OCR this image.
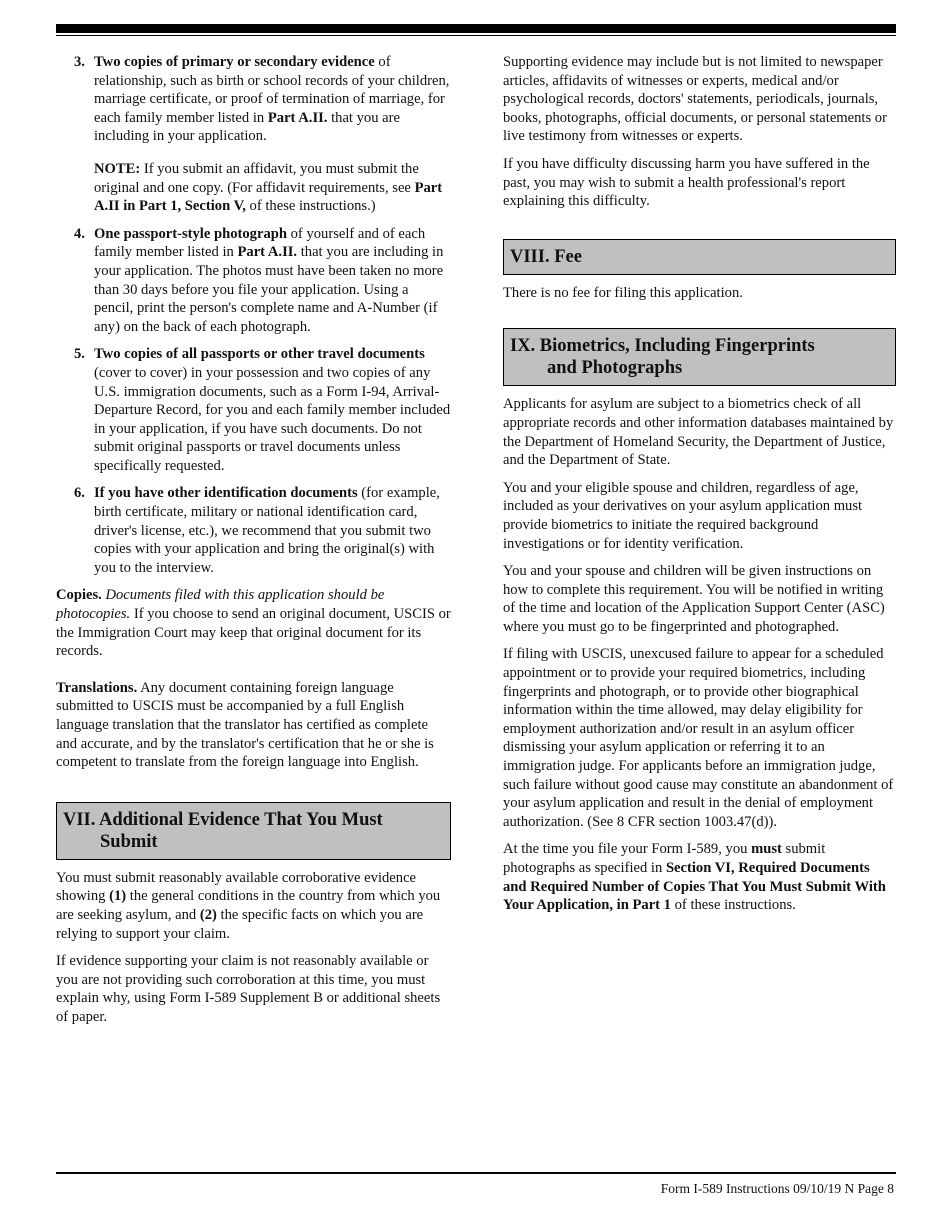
3. Two copies of primary or secondary evidence of relationship, such as birth or school records of your children, marriage certificate, or proof of termination of marriage, for each family member listed in Part A.II. that you are including in your application.
NOTE: If you submit an affidavit, you must submit the original and one copy. (For affidavit requirements, see Part A.II in Part 1, Section V, of these instructions.)
4. One passport-style photograph of yourself and of each family member listed in Part A.II. that you are including in your application. The photos must have been taken no more than 30 days before you file your application. Using a pencil, print the person's complete name and A-Number (if any) on the back of each photograph.
5. Two copies of all passports or other travel documents (cover to cover) in your possession and two copies of any U.S. immigration documents, such as a Form I-94, Arrival-Departure Record, for you and each family member included in your application, if you have such documents. Do not submit original passports or travel documents unless specifically requested.
6. If you have other identification documents (for example, birth certificate, military or national identification card, driver's license, etc.), we recommend that you submit two copies with your application and bring the original(s) with you to the interview.

Copies. Documents filed with this application should be photocopies. If you choose to send an original document, USCIS or the Immigration Court may keep that original document for its records.

Translations. Any document containing foreign language submitted to USCIS must be accompanied by a full English language translation that the translator has certified as complete and accurate, and by the translator's certification that he or she is competent to translate from the foreign language into English.

VII. Additional Evidence That You Must
Submit

You must submit reasonably available corroborative evidence showing (1) the general conditions in the country from which you are seeking asylum, and (2) the specific facts on which you are relying to support your claim.

If evidence supporting your claim is not reasonably available or you are not providing such corroboration at this time, you must explain why, using Form I-589 Supplement B or additional sheets of paper.

Supporting evidence may include but is not limited to newspaper articles, affidavits of witnesses or experts, medical and/or psychological records, doctors' statements, periodicals, journals, books, photographs, official documents, or personal statements or live testimony from witnesses or experts.

If you have difficulty discussing harm you have suffered in the past, you may wish to submit a health professional's report explaining this difficulty.

VIII. Fee

There is no fee for filing this application.

IX. Biometrics, Including Fingerprints
and Photographs

Applicants for asylum are subject to a biometrics check of all appropriate records and other information databases maintained by the Department of Homeland Security, the Department of Justice, and the Department of State.

You and your eligible spouse and children, regardless of age, included as your derivatives on your asylum application must provide biometrics to initiate the required background investigations or for identity verification.

You and your spouse and children will be given instructions on how to complete this requirement. You will be notified in writing of the time and location of the Application Support Center (ASC) where you must go to be fingerprinted and photographed.

If filing with USCIS, unexcused failure to appear for a scheduled appointment or to provide your required biometrics, including fingerprints and photograph, or to provide other biographical information within the time allowed, may delay eligibility for employment authorization and/or result in an asylum officer dismissing your asylum application or referring it to an immigration judge. For applicants before an immigration judge, such failure without good cause may constitute an abandonment of your asylum application and result in the denial of employment authorization. (See 8 CFR section 1003.47(d)).

At the time you file your Form I-589, you must submit photographs as specified in Section VI, Required Documents and Required Number of Copies That You Must Submit With Your Application, in Part 1 of these instructions.

Form I-589 Instructions 09/10/19 N Page 8
